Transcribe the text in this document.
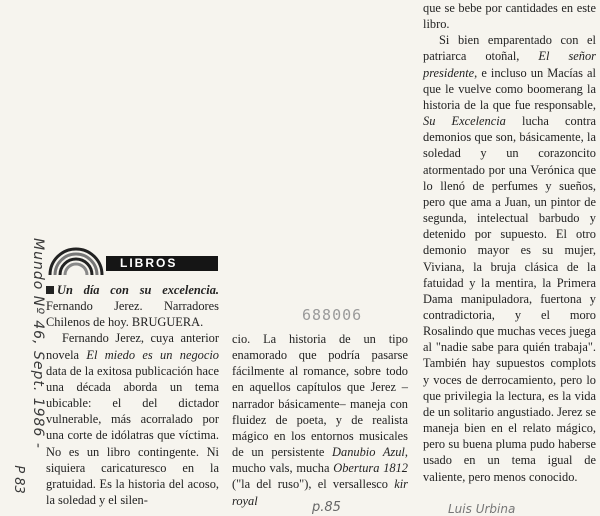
Mundo Nº 46, Sept. 1986 -
P 83
688006
LIBROS

Un día con su excelencia. Fernando Jerez. Narradores Chilenos de hoy. BRUGUERA.

Fernando Jerez, cuya anterior novela El miedo es un negocio data de la exitosa publicación hace una década aborda un tema ubicable: el del dictador vulnerable, más acorralado por una corte de idólatras que víctima. No es un libro contingente. Ni siquiera caricaturesco en la gratuidad. Es la historia del acoso, la soledad y el silen-

cio. La historia de un tipo enamorado que podría pasarse fácilmente al romance, sobre todo en aquellos capítulos que Jerez –narrador básicamente– maneja con fluidez de poeta, y de realista mágico en los entornos musicales de un persistente Danubio Azul, mucho vals, mucha Obertura 1812 ("la del ruso"), el versallesco kir royal

que se bebe por cantidades en este libro.

Si bien emparentado con el patriarca otoñal, El señor presidente, e incluso un Macías al que le vuelve como boomerang la historia de la que fue responsable, Su Excelencia lucha contra demonios que son, básicamente, la soledad y un corazoncito atormentado por una Verónica que lo llenó de perfumes y sueños, pero que ama a Juan, un pintor de segunda, intelectual barbudo y detenido por supuesto. El otro demonio mayor es su mujer, Viviana, la bruja clásica de la fatuidad y la mentira, la Primera Dama manipuladora, fuertona y contradictoria, y el moro Rosalindo que muchas veces juega al "nadie sabe para quién trabaja". También hay supuestos complots y voces de derrocamiento, pero lo que privilegia la lectura, es la vida de un solitario angustiado. Jerez se maneja bien en el relato mágico, pero su buena pluma pudo haberse usado en un tema igual de valiente, pero menos conocido.

p.85	Luis Urbina
